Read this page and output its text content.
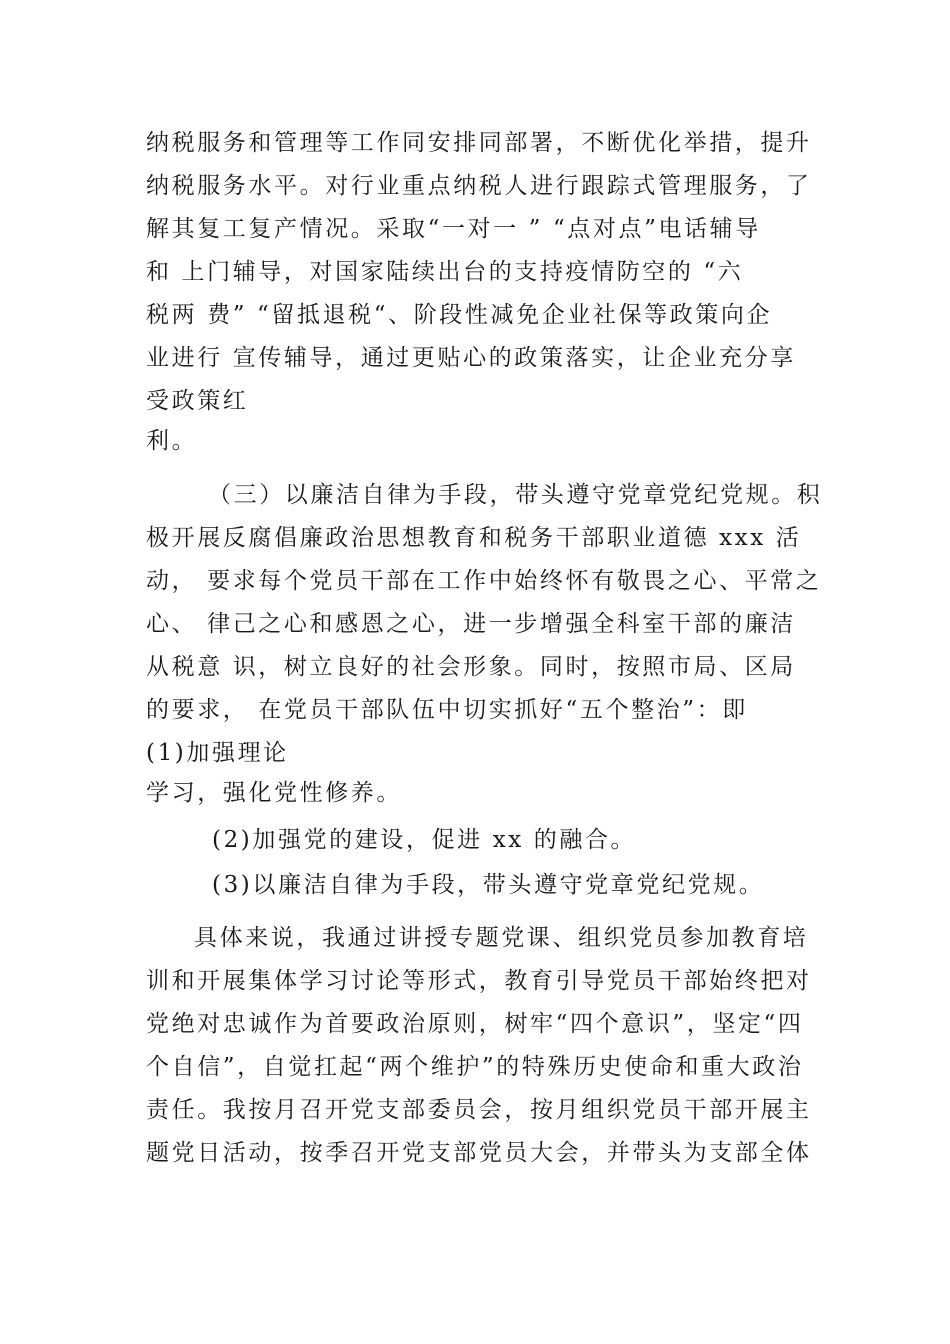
纳税服务和管理等工作同安排同部署，不断优化举措，提升

纳税服务水平。对行业重点纳税人进行跟踪式管理服务，了

解其复工复产情况。采取“一对一 ” “点对点”电话辅导

和 上门辅导，对国家陆续出台的支持疫情防空的 “六

税两 费” “留抵退税“、阶段性减免企业社保等政策向企

业进行 宣传辅导，通过更贴心的政策落实，让企业充分享

受政策红

利。

（三）以廉洁自律为手段，带头遵守党章党纪党规。积

极开展反腐倡廉政治思想教育和税务干部职业道德 xxx 活

动， 要求每个党员干部在工作中始终怀有敬畏之心、平常之

心、 律己之心和感恩之心，进一步增强全科室干部的廉洁

从税意 识，树立良好的社会形象。同时，按照市局、区局

的要求， 在党员干部队伍中切实抓好“五个整治”：即

(1)加强理论

学习，强化党性修养。

(2)加强党的建设，促进 xx 的融合。

(3)以廉洁自律为手段，带头遵守党章党纪党规。

具体来说，我通过讲授专题党课、组织党员参加教育培

训和开展集体学习讨论等形式，教育引导党员干部始终把对

党绝对忠诚作为首要政治原则，树牢“四个意识”，坚定“四

个自信”，自觉扛起“两个维护”的特殊历史使命和重大政治

责任。我按月召开党支部委员会，按月组织党员干部开展主

题党日活动，按季召开党支部党员大会，并带头为支部全体
